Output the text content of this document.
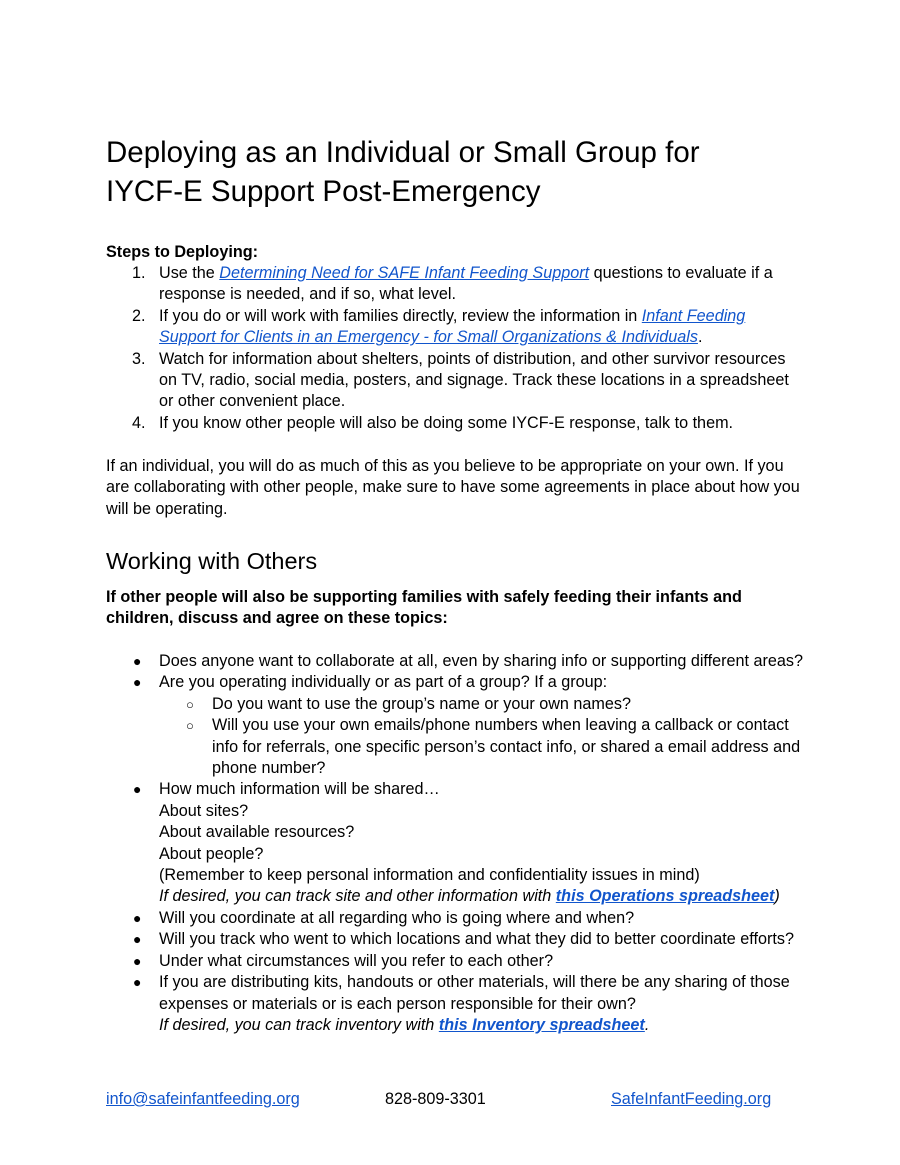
Deploying as an Individual or Small Group for
IYCF-E Support Post-Emergency

Steps to Deploying:

1. Use the Determining Need for SAFE Infant Feeding Support questions to evaluate if a response is needed, and if so, what level.
2. If you do or will work with families directly, review the information in Infant Feeding Support for Clients in an Emergency - for Small Organizations & Individuals.
3. Watch for information about shelters, points of distribution, and other survivor resources on TV, radio, social media, posters, and signage. Track these locations in a spreadsheet or other convenient place.
4. If you know other people will also be doing some IYCF-E response, talk to them.

If an individual, you will do as much of this as you believe to be appropriate on your own. If you are collaborating with other people, make sure to have some agreements in place about how you will be operating.

Working with Others

If other people will also be supporting families with safely feeding their infants and children, discuss and agree on these topics:

● Does anyone want to collaborate at all, even by sharing info or supporting different areas?
● Are you operating individually or as part of a group? If a group:
○ Do you want to use the group’s name or your own names?
○ Will you use your own emails/phone numbers when leaving a callback or contact info for referrals, one specific person’s contact info, or shared a email address and phone number?
● How much information will be shared…
About sites?
About available resources?
About people?
(Remember to keep personal information and confidentiality issues in mind)
If desired, you can track site and other information with this Operations spreadsheet)
● Will you coordinate at all regarding who is going where and when?
● Will you track who went to which locations and what they did to better coordinate efforts?
● Under what circumstances will you refer to each other?
● If you are distributing kits, handouts or other materials, will there be any sharing of those expenses or materials or is each person responsible for their own?
If desired, you can track inventory with this Inventory spreadsheet.
info@safeinfantfeeding.org	828-809-3301	SafeInfantFeeding.org
